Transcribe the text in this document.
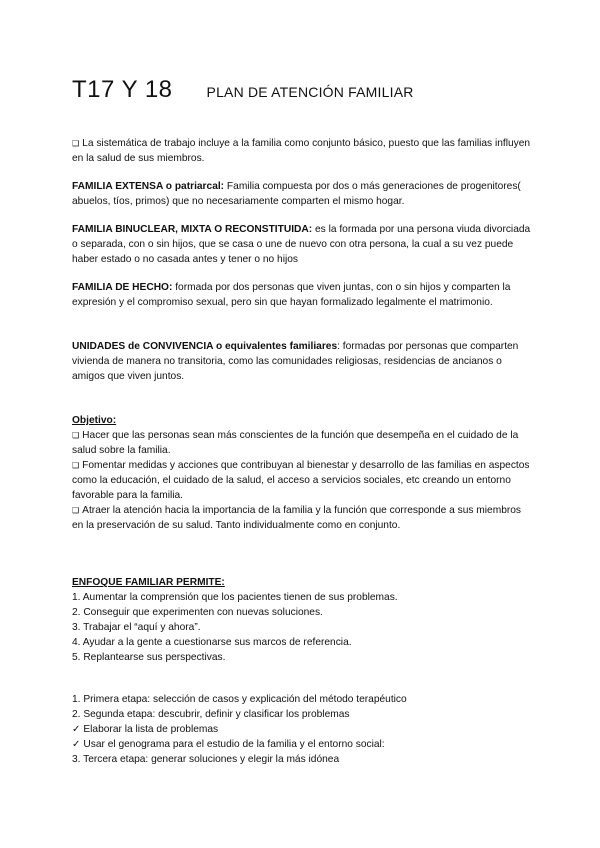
T17 Y 18 PLAN DE ATENCIÓN FAMILIAR

❑ La sistemática de trabajo incluye a la familia como conjunto básico, puesto que las familias influyen en la salud de sus miembros.

FAMILIA EXTENSA o patriarcal: Familia compuesta por dos o más generaciones de progenitores( abuelos, tíos, primos) que no necesariamente comparten el mismo hogar.

FAMILIA BINUCLEAR, MIXTA O RECONSTITUIDA: es la formada por una persona viuda divorciada o separada, con o sin hijos, que se casa o une de nuevo con otra persona, la cual a su vez puede haber estado o no casada antes y tener o no hijos

FAMILIA DE HECHO: formada por dos personas que viven juntas, con o sin hijos y comparten la expresión y el compromiso sexual, pero sin que hayan formalizado legalmente el matrimonio.

UNIDADES de CONVIVENCIA o equivalentes familiares: formadas por personas que comparten vivienda de manera no transitoria, como las comunidades religiosas, residencias de ancianos o amigos que viven juntos.

Objetivo:

❑ Hacer que las personas sean más conscientes de la función que desempeña en el cuidado de la salud sobre la familia.

❑ Fomentar medidas y acciones que contribuyan al bienestar y desarrollo de las familias en aspectos como la educación, el cuidado de la salud, el acceso a servicios sociales, etc creando un entorno favorable para la familia.

❑ Atraer la atención hacia la importancia de la familia y la función que corresponde a sus miembros en la preservación de su salud. Tanto individualmente como en conjunto.

ENFOQUE FAMILIAR PERMITE:

1. Aumentar la comprensión que los pacientes tienen de sus problemas.
2. Conseguir que experimenten con nuevas soluciones.
3. Trabajar el “aquí y ahora”.
4. Ayudar a la gente a cuestionarse sus marcos de referencia.
5. Replantearse sus perspectivas.
1. Primera etapa: selección de casos y explicación del método terapéutico
2. Segunda etapa: descubrir, definir y clasificar los problemas
✓ Elaborar la lista de problemas
✓ Usar el genograma para el estudio de la familia y el entorno social:
3. Tercera etapa: generar soluciones y elegir la más idónea
